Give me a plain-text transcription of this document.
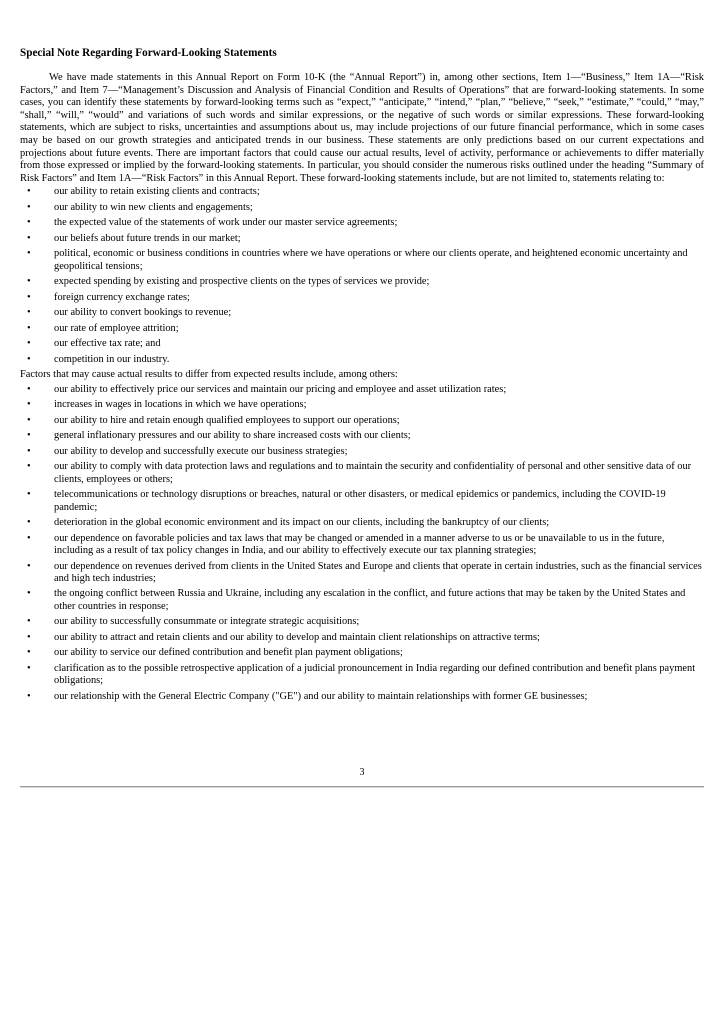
Special Note Regarding Forward-Looking Statements

We have made statements in this Annual Report on Form 10-K (the “Annual Report”) in, among other sections, Item 1—“Business,” Item 1A—“Risk Factors,” and Item 7—“Management’s Discussion and Analysis of Financial Condition and Results of Operations” that are forward-looking statements. In some cases, you can identify these statements by forward-looking terms such as “expect,” “anticipate,” “intend,” “plan,” “believe,” “seek,” “estimate,” “could,” “may,” “shall,” “will,” “would” and variations of such words and similar expressions, or the negative of such words or similar expressions. These forward-looking statements, which are subject to risks, uncertainties and assumptions about us, may include projections of our future financial performance, which in some cases may be based on our growth strategies and anticipated trends in our business. These statements are only predictions based on our current expectations and projections about future events. There are important factors that could cause our actual results, level of activity, performance or achievements to differ materially from those expressed or implied by the forward-looking statements. In particular, you should consider the numerous risks outlined under the heading “Summary of Risk Factors” and Item 1A—“Risk Factors” in this Annual Report. These forward-looking statements include, but are not limited to, statements relating to:

• our ability to retain existing clients and contracts;
• our ability to win new clients and engagements;
• the expected value of the statements of work under our master service agreements;
• our beliefs about future trends in our market;
• political, economic or business conditions in countries where we have operations or where our clients operate, and heightened economic uncertainty and geopolitical tensions;
• expected spending by existing and prospective clients on the types of services we provide;
• foreign currency exchange rates;
• our ability to convert bookings to revenue;
• our rate of employee attrition;
• our effective tax rate; and
• competition in our industry.

Factors that may cause actual results to differ from expected results include, among others:

• our ability to effectively price our services and maintain our pricing and employee and asset utilization rates;
• increases in wages in locations in which we have operations;
• our ability to hire and retain enough qualified employees to support our operations;
• general inflationary pressures and our ability to share increased costs with our clients;
• our ability to develop and successfully execute our business strategies;
• our ability to comply with data protection laws and regulations and to maintain the security and confidentiality of personal and other sensitive data of our clients, employees or others;
• telecommunications or technology disruptions or breaches, natural or other disasters, or medical epidemics or pandemics, including the COVID-19 pandemic;
• deterioration in the global economic environment and its impact on our clients, including the bankruptcy of our clients;
• our dependence on favorable policies and tax laws that may be changed or amended in a manner adverse to us or be unavailable to us in the future, including as a result of tax policy changes in India, and our ability to effectively execute our tax planning strategies;
• our dependence on revenues derived from clients in the United States and Europe and clients that operate in certain industries, such as the financial services and high tech industries;
• the ongoing conflict between Russia and Ukraine, including any escalation in the conflict, and future actions that may be taken by the United States and other countries in response;
• our ability to successfully consummate or integrate strategic acquisitions;
• our ability to attract and retain clients and our ability to develop and maintain client relationships on attractive terms;
• our ability to service our defined contribution and benefit plan payment obligations;
• clarification as to the possible retrospective application of a judicial pronouncement in India regarding our defined contribution and benefit plans payment obligations;
• our relationship with the General Electric Company ("GE") and our ability to maintain relationships with former GE businesses;
3
